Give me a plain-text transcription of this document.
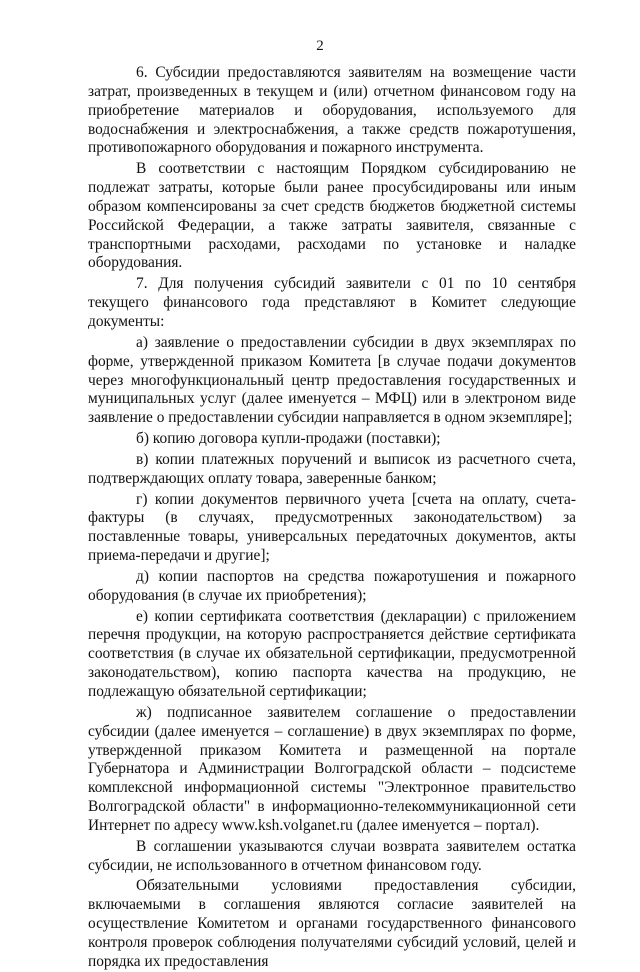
2

6. Субсидии предоставляются заявителям на возмещение части затрат, произведенных в текущем и (или) отчетном финансовом году на приобретение материалов и оборудования, используемого для водоснабжения и электроснабжения, а также средств пожаротушения, противопожарного оборудования и пожарного инструмента.

В соответствии с настоящим Порядком субсидированию не подлежат затраты, которые были ранее просубсидированы или иным образом компенсированы за счет средств бюджетов бюджетной системы Российской Федерации, а также затраты заявителя, связанные с транспортными расходами, расходами по установке и наладке оборудования.

7. Для получения субсидий заявители с 01 по 10 сентября текущего финансового года представляют в Комитет следующие документы:

а) заявление о предоставлении субсидии в двух экземплярах по форме, утвержденной приказом Комитета [в случае подачи документов через многофункциональный центр предоставления государственных и муниципальных услуг (далее именуется – МФЦ) или в электроном виде заявление о предоставлении субсидии направляется в одном экземпляре];

б) копию договора купли-продажи (поставки);

в) копии платежных поручений и выписок из расчетного счета, подтверждающих оплату товара, заверенные банком;

г) копии документов первичного учета [счета на оплату, счета-фактуры (в случаях, предусмотренных законодательством) за поставленные товары, универсальных передаточных документов, акты приема-передачи и другие];

д) копии паспортов на средства пожаротушения и пожарного оборудования (в случае их приобретения);

е) копии сертификата соответствия (декларации) с приложением перечня продукции, на которую распространяется действие сертификата соответствия (в случае их обязательной сертификации, предусмотренной законодательством), копию паспорта качества на продукцию, не подлежащую обязательной сертификации;

ж) подписанное заявителем соглашение о предоставлении субсидии (далее именуется – соглашение) в двух экземплярах по форме, утвержденной приказом Комитета и размещенной на портале Губернатора и Администрации Волгоградской области – подсистеме комплексной информационной системы "Электронное правительство Волгоградской области" в информационно-телекоммуникационной сети Интернет по адресу www.ksh.volganet.ru (далее именуется – портал).

В соглашении указываются случаи возврата заявителем остатка субсидии, не использованного в отчетном финансовом году.

Обязательными условиями предоставления субсидии, включаемыми в соглашения являются согласие заявителей на осуществление Комитетом и органами государственного финансового контроля проверок соблюдения получателями субсидий условий, целей и порядка их предоставления
